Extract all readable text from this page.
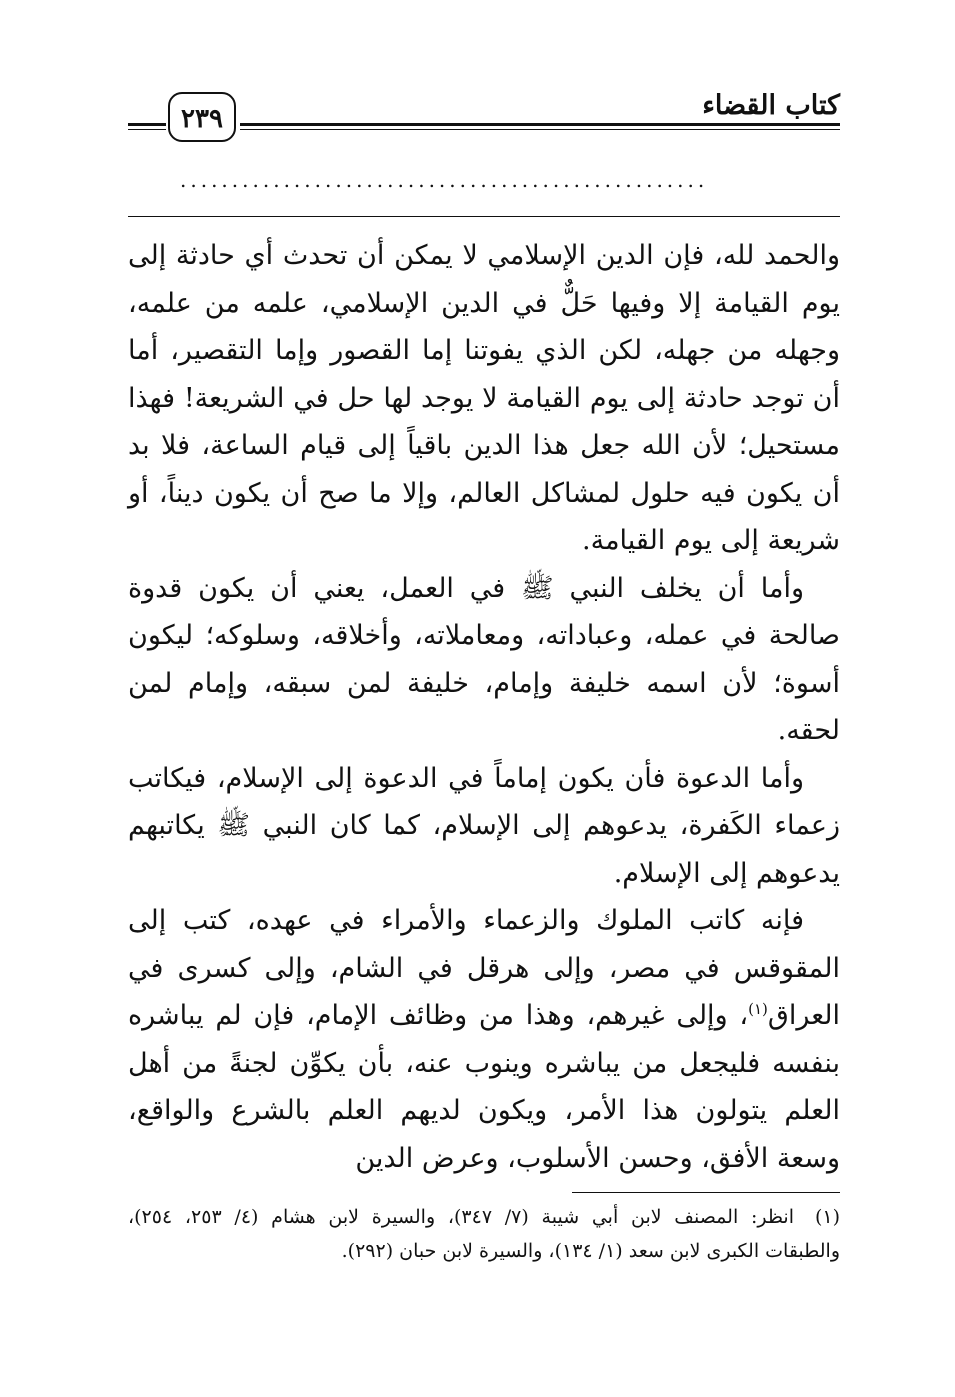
كتاب القضاء
٢٣٩
...................................................

والحمد لله، فإن الدين الإسلامي لا يمكن أن تحدث أي حادثة إلى يوم القيامة إلا وفيها حَلٌّ في الدين الإسلامي، علمه من علمه، وجهله من جهله، لكن الذي يفوتنا إما القصور وإما التقصير، أما أن توجد حادثة إلى يوم القيامة لا يوجد لها حل في الشريعة! فهذا مستحيل؛ لأن الله جعل هذا الدين باقياً إلى قيام الساعة، فلا بد أن يكون فيه حلول لمشاكل العالم، وإلا ما صح أن يكون ديناً، أو شريعة إلى يوم القيامة.

وأما أن يخلف النبي ﷺ في العمل، يعني أن يكون قدوة صالحة في عمله، وعباداته، ومعاملاته، وأخلاقه، وسلوكه؛ ليكون أسوة؛ لأن اسمه خليفة وإمام، خليفة لمن سبقه، وإمام لمن لحقه.

وأما الدعوة فأن يكون إماماً في الدعوة إلى الإسلام، فيكاتب زعماء الكَفرة، يدعوهم إلى الإسلام، كما كان النبي ﷺ يكاتبهم يدعوهم إلى الإسلام.

فإنه كاتب الملوك والزعماء والأمراء في عهده، كتب إلى المقوقس في مصر، وإلى هرقل في الشام، وإلى كسرى في العراق$^{(١)}$، وإلى غيرهم، وهذا من وظائف الإمام، فإن لم يباشره بنفسه فليجعل من يباشره وينوب عنه، بأن يكوِّن لجنةً من أهل العلم يتولون هذا الأمر، ويكون لديهم العلم بالشرع والواقع، وسعة الأفق، وحسن الأسلوب، وعرض الدين

(١)انظر: المصنف لابن أبي شيبة (٧/ ٣٤٧)، والسيرة لابن هشام (٤/ ٢٥٣، ٢٥٤)، والطبقات الكبرى لابن سعد (١/ ١٣٤)، والسيرة لابن حبان (٢٩٢).
